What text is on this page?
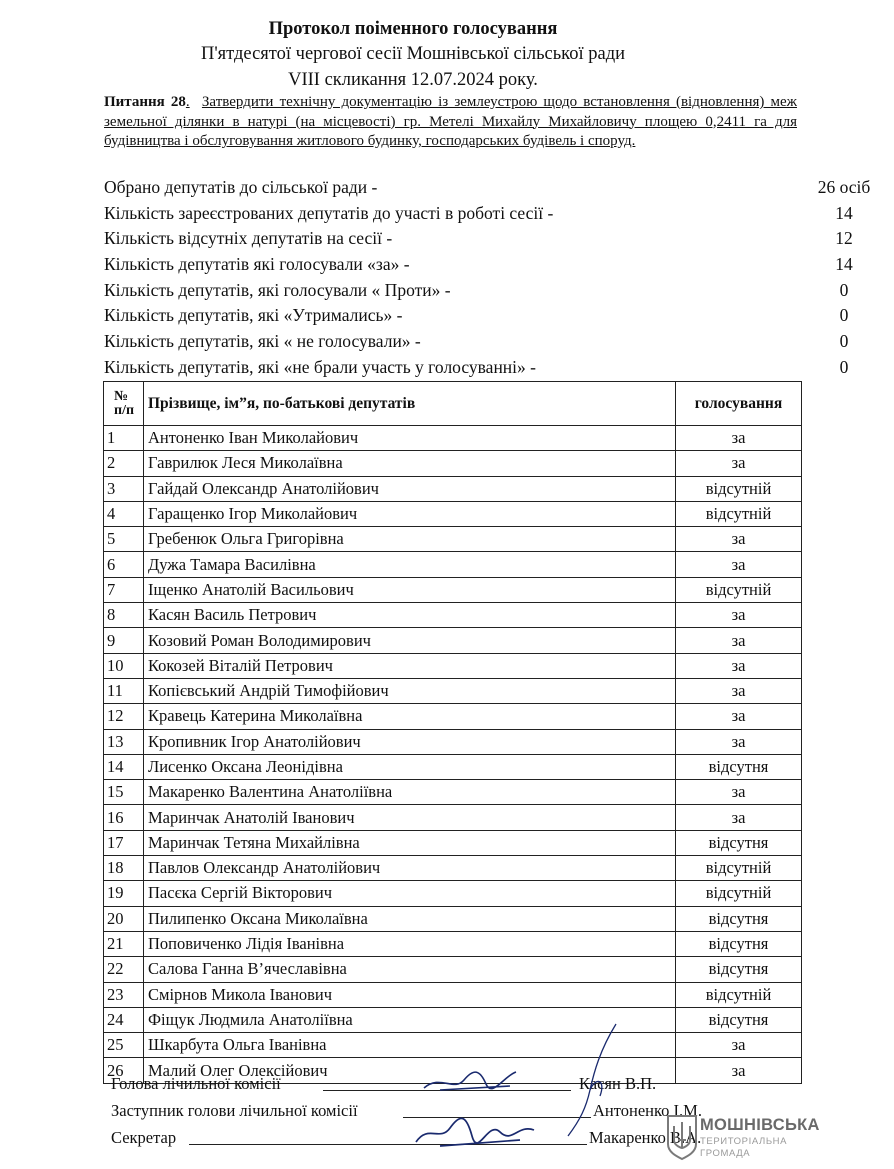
Протокол поіменного голосування
П'ятдесятої чергової сесії Мошнівської сільської ради
VIII скликання 12.07.2024 року.
Питання 28. Затвердити технічну документацію із землеустрою щодо встановлення (відновлення) меж земельної ділянки в натурі (на місцевості) гр. Метелі Михайлу Михайловичу площею 0,2411 га для будівництва і обслуговування житлового будинку, господарських будівель і споруд.
Обрано депутатів до сільської ради -	26 осіб
Кількість зареєстрованих депутатів до участі в роботі сесії -	14
Кількість відсутніх депутатів на сесії -	12
Кількість депутатів які голосували «за» -	14
Кількість депутатів, які голосували « Проти» -	0
Кількість депутатів, які «Утримались» -	0
Кількість депутатів, які « не голосували» -	0
Кількість депутатів, які «не брали участь у голосуванні» -	0
№ п/п	Прізвище, ім”я, по-батькові депутатів	голосування
1	Антоненко Іван Миколайович	за
2	Гаврилюк Леся Миколаївна	за
3	Гайдай Олександр Анатолійович	відсутній
4	Гаращенко Ігор Миколайович	відсутній
5	Гребенюк Ольга Григорівна	за
6	Дужа Тамара Василівна	за
7	Іщенко Анатолій Васильович	відсутній
8	Касян Василь Петрович	за
9	Козовий Роман Володимирович	за
10	Кокозей Віталій Петрович	за
11	Копієвський Андрій Тимофійович	за
12	Кравець Катерина Миколаївна	за
13	Кропивник Ігор Анатолійович	за
14	Лисенко Оксана Леонідівна	відсутня
15	Макаренко Валентина Анатоліївна	за
16	Маринчак Анатолій Іванович	за
17	Маринчак Тетяна Михайлівна	відсутня
18	Павлов Олександр Анатолійович	відсутній
19	Пасєка Сергій Вікторович	відсутній
20	Пилипенко Оксана Миколаївна	відсутня
21	Поповиченко Лідія Іванівна	відсутня
22	Салова Ганна В’ячеславівна	відсутня
23	Смірнов Микола Іванович	відсутній
24	Фіщук Людмила Анатоліївна	відсутня
25	Шкарбута Ольга Іванівна	за
26	Малий Олег Олексійович	за
Голова лічильної комісії	Касян В.П.
Заступник голови лічильної комісії	Антоненко І.М.
Секретар	Макаренко В.А.
МОШНІВСЬКА
ТЕРИТОРІАЛЬНА
ГРОМАДА
